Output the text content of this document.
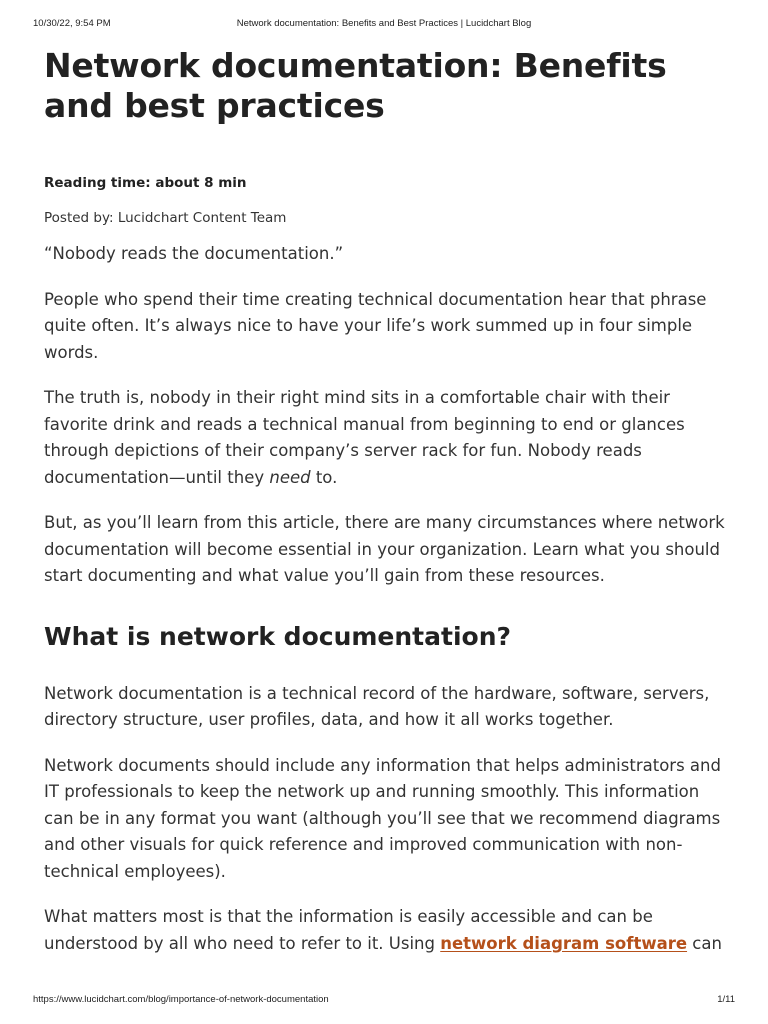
10/30/22, 9:54 PM	Network documentation: Benefits and Best Practices | Lucidchart Blog
Network documentation: Benefits and best practices
Reading time: about 8 min
Posted by: Lucidchart Content Team

“Nobody reads the documentation.”

People who spend their time creating technical documentation hear that phrase quite often. It’s always nice to have your life’s work summed up in four simple words.

The truth is, nobody in their right mind sits in a comfortable chair with their favorite drink and reads a technical manual from beginning to end or glances through depictions of their company’s server rack for fun. Nobody reads documentation—until they need to.

But, as you’ll learn from this article, there are many circumstances where network documentation will become essential in your organization. Learn what you should start documenting and what value you’ll gain from these resources.

What is network documentation?

Network documentation is a technical record of the hardware, software, servers, directory structure, user profiles, data, and how it all works together.

Network documents should include any information that helps administrators and IT professionals to keep the network up and running smoothly. This information can be in any format you want (although you’ll see that we recommend diagrams and other visuals for quick reference and improved communication with non-technical employees).

What matters most is that the information is easily accessible and can be understood by all who need to refer to it. Using network diagram software can

https://www.lucidchart.com/blog/importance-of-network-documentation	1/11
